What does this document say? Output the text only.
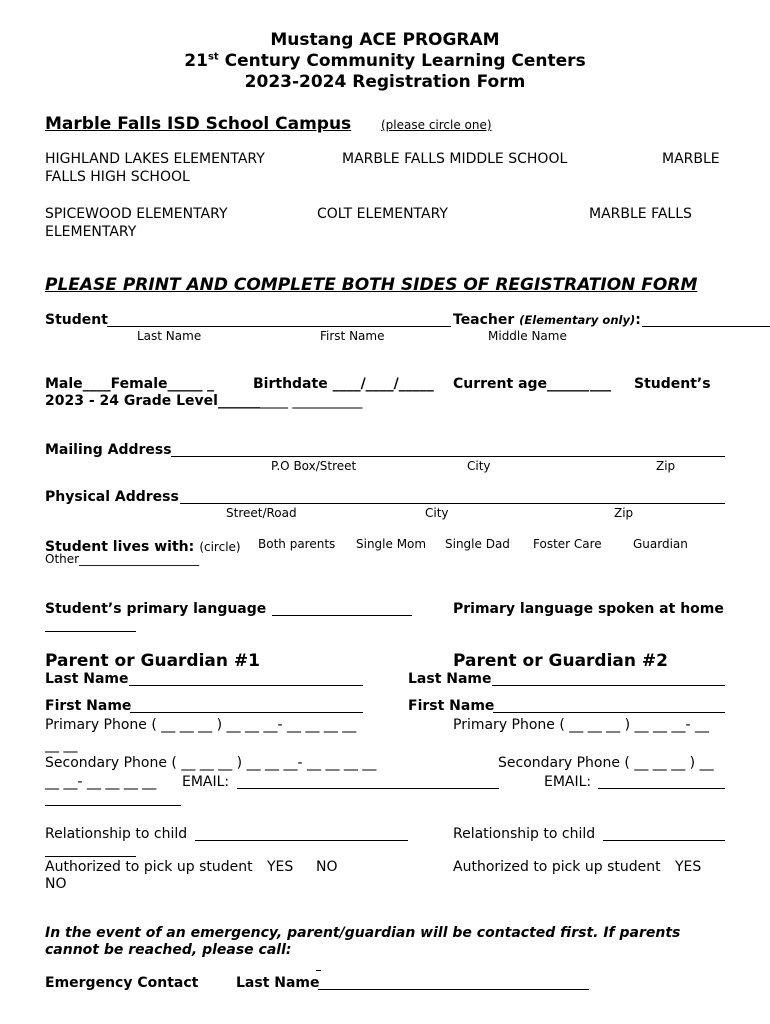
Mustang ACE PROGRAM
21st Century Community Learning Centers
2023-2024 Registration Form
Marble Falls ISD School Campus (please circle one)
HIGHLAND LAKES ELEMENTARY	MARBLE FALLS MIDDLE SCHOOL	MARBLE
FALLS HIGH SCHOOL
SPICEWOOD ELEMENTARY	COLT ELEMENTARY	MARBLE FALLS
ELEMENTARY
PLEASE PRINT AND COMPLETE BOTH SIDES OF REGISTRATION FORM
Student	Teacher (Elementary only):
Last Name	First Name	Middle Name
Male____Female_____ _	Birthdate ____/____/_____ Current age______ ___ Student’s
2023 - 24 Grade Level__________ __________
Mailing Address
P.O Box/Street	City	Zip
Physical Address
Street/Road	City	Zip
Student lives with: (circle) Both parents Single Mom Single Dad Foster Care	Guardian
Other____________________
Student’s primary language	Primary language spoken at home
Parent or Guardian #1	Parent or Guardian #2
Last Name	Last Name
First Name	First Name
Primary Phone ( __ __ __ ) __ __ __- __ __ __ __	Primary Phone ( __ __ __ ) __ __ __- __
__ __
Secondary Phone ( __ __ __ ) __ __ __- __ __ __ __	Secondary Phone ( __ __ __ ) __
__ __- __ __ __ __ EMAIL:	EMAIL:
Relationship to child	Relationship to child
Authorized to pick up student YES NO	Authorized to pick up student YES
NO
In the event of an emergency, parent/guardian will be contacted first. If parents
cannot be reached, please call:
Emergency Contact	Last Name
